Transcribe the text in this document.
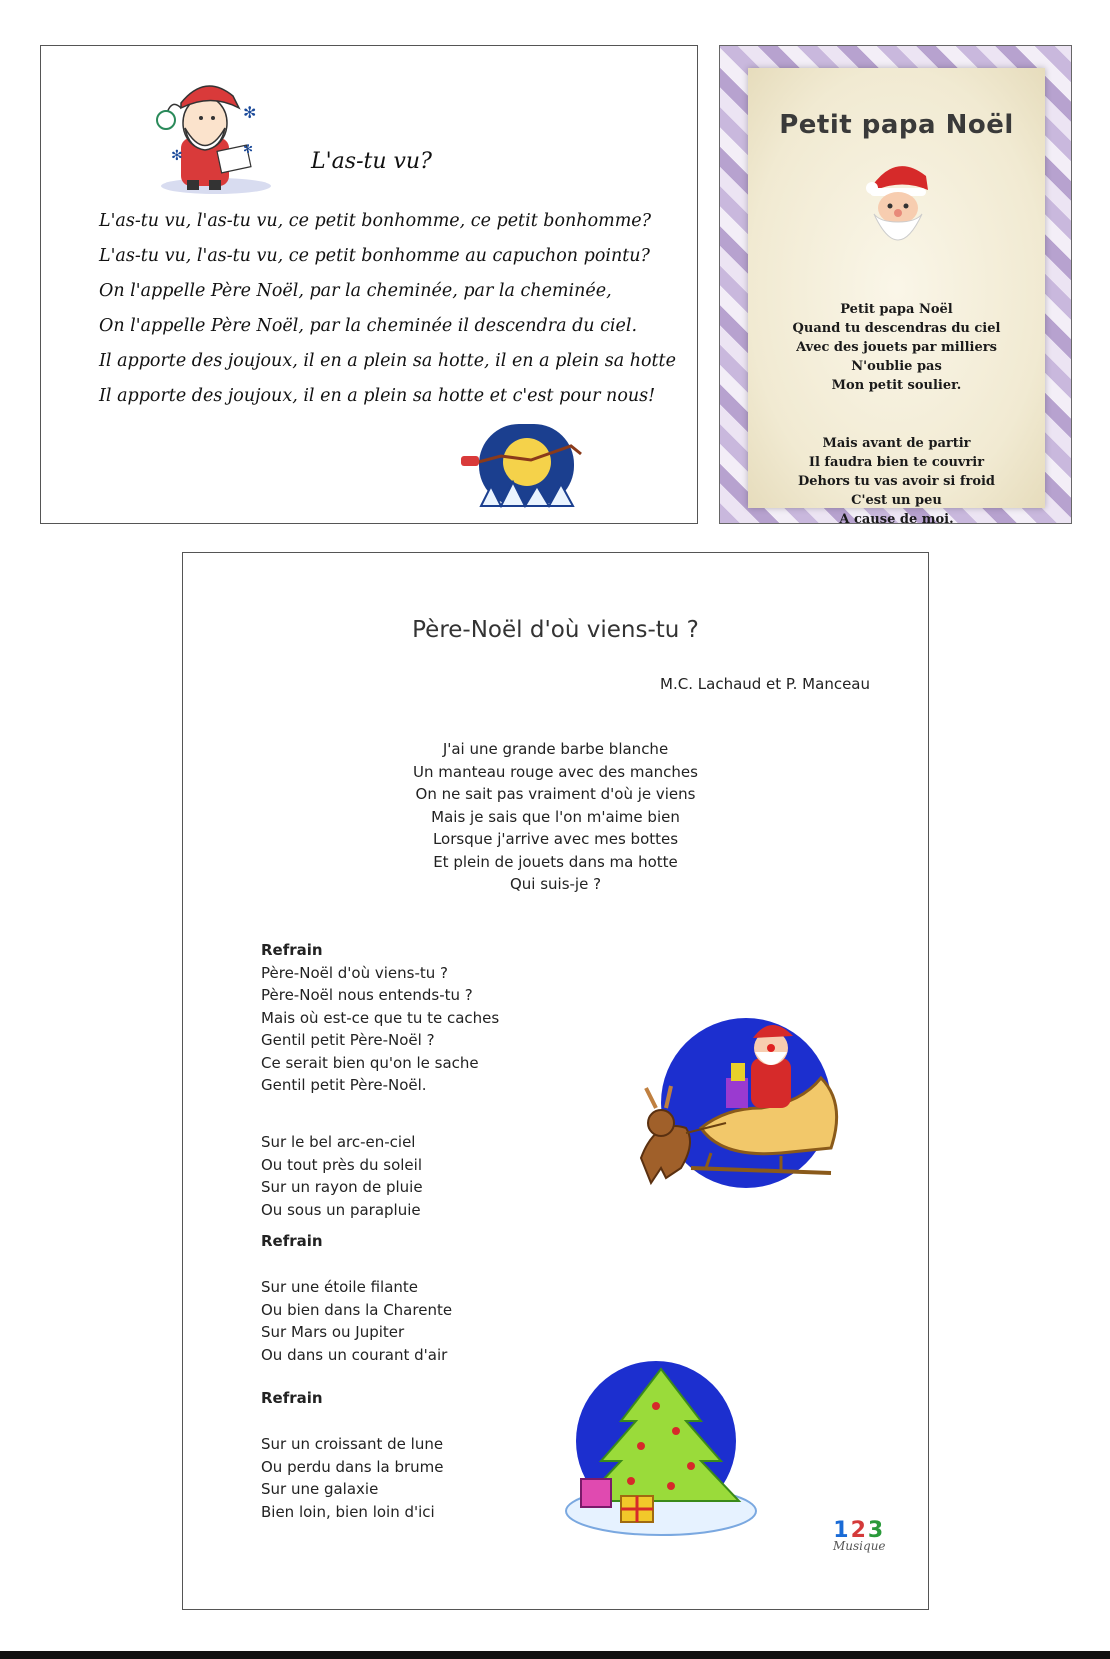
✻
✻	✻	L'as-tu vu?
L'as-tu vu, l'as-tu vu, ce petit bonhomme, ce petit bonhomme?
L'as-tu vu, l'as-tu vu, ce petit bonhomme au capuchon pointu?
On l'appelle Père Noël, par la cheminée, par la cheminée,
On l'appelle Père Noël, par la cheminée il descendra du ciel.
Il apporte des joujoux, il en a plein sa hotte, il en a plein sa hotte
Il apporte des joujoux, il en a plein sa hotte et c'est pour nous!
Petit papa Noël
Petit papa Noël
Quand tu descendras du ciel
Avec des jouets par milliers
N'oublie pas
Mon petit soulier.
Mais avant de partir
Il faudra bien te couvrir
Dehors tu vas avoir si froid
C'est un peu
A cause de moi.
Père-Noël d'où viens-tu ?
M.C. Lachaud et P. Manceau
J'ai une grande barbe blanche
Un manteau rouge avec des manches
On ne sait pas vraiment d'où je viens
Mais je sais que l'on m'aime bien
Lorsque j'arrive avec mes bottes
Et plein de jouets dans ma hotte
Qui suis-je ?
Refrain
Père-Noël d'où viens-tu ?
Père-Noël nous entends-tu ?
Mais où est-ce que tu te caches
Gentil petit Père-Noël ?
Ce serait bien qu'on le sache
Gentil petit Père-Noël.
Sur le bel arc-en-ciel
Ou tout près du soleil
Sur un rayon de pluie
Ou sous un parapluie
Refrain
Sur une étoile filante
Ou bien dans la Charente
Sur Mars ou Jupiter
Ou dans un courant d'air
Refrain
Sur un croissant de lune
Ou perdu dans la brume
Sur une galaxie
Bien loin, bien loin d'ici
123
Musique
